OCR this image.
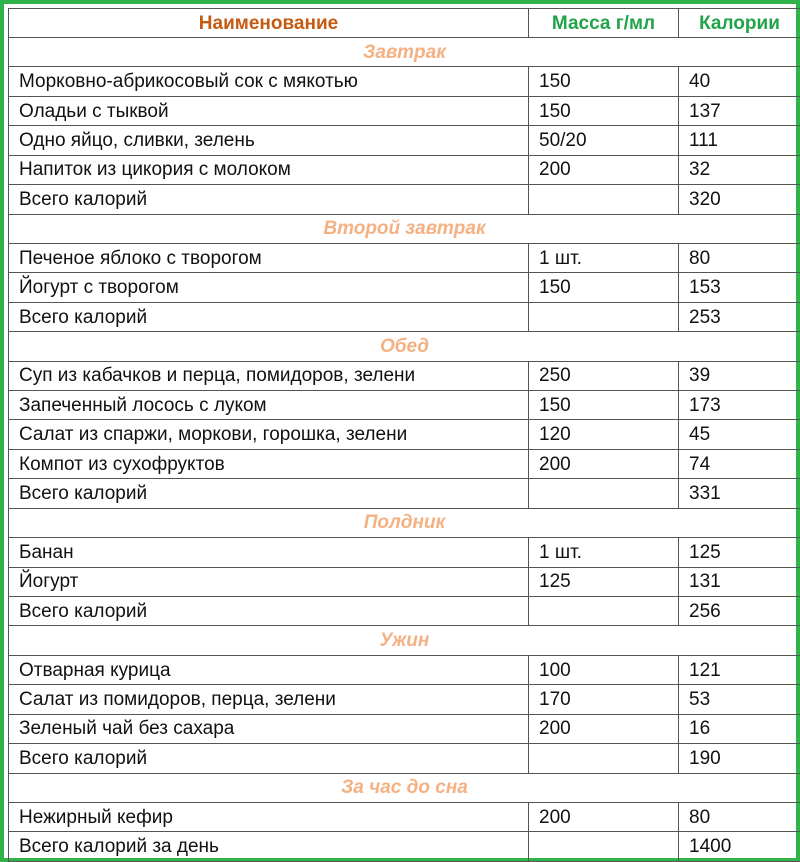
Наименование	Масса г/мл	Калории
Завтрак		
Морковно-абрикосовый сок с мякотью	150	40
Оладьи с тыквой	150	137
Одно яйцо, сливки, зелень	50/20	111
Напиток из цикория с молоком	200	32
Всего калорий		320
Второй завтрак		
Печеное яблоко с творогом	1 шт.	80
Йогурт с творогом	150	153
Всего калорий		253
Обед		
Суп из кабачков и перца, помидоров, зелени	250	39
Запеченный лосось с луком	150	173
Салат из спаржи, моркови, горошка, зелени	120	45
Компот из сухофруктов	200	74
Всего калорий		331
Полдник		
Банан	1 шт.	125
Йогурт	125	131
Всего калорий		256
Ужин		
Отварная курица	100	121
Салат из помидоров, перца, зелени	170	53
Зеленый чай без сахара	200	16
Всего калорий		190
За час до сна		
Нежирный кефир	200	80
Всего калорий за день		1400
